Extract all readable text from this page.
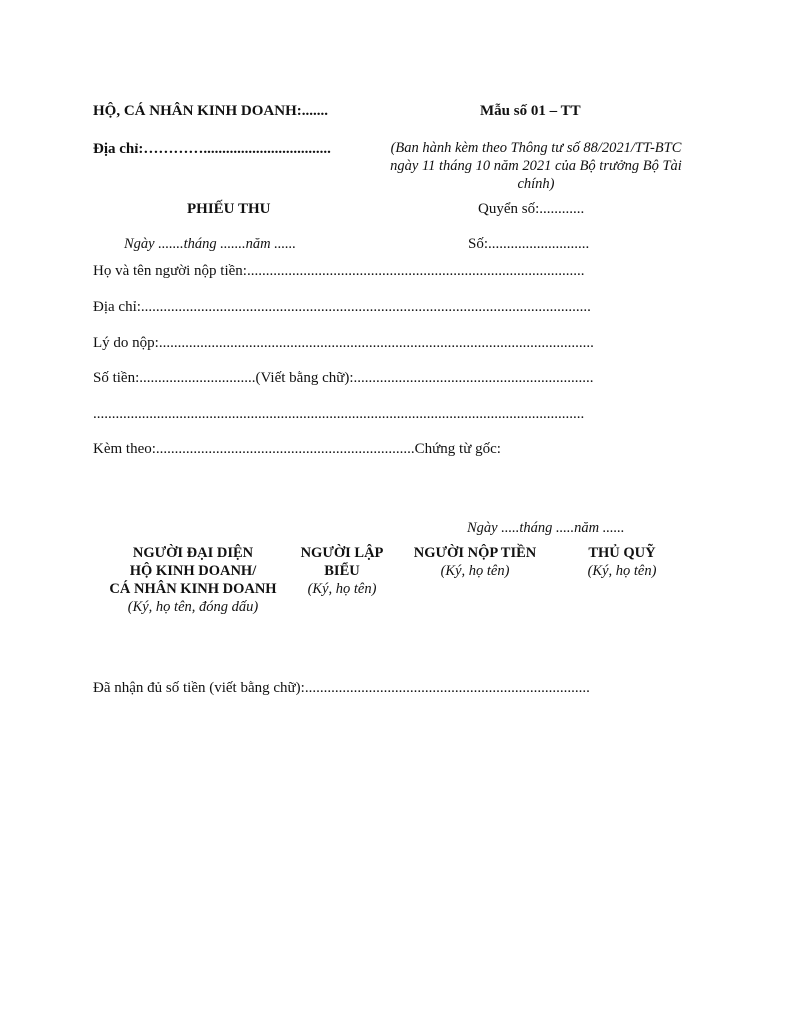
HỘ, CÁ NHÂN KINH DOANH:.......
Địa chỉ:…………..................................
Mẫu số 01 – TT
(Ban hành kèm theo Thông tư số 88/2021/TT-BTC
ngày 11 tháng 10 năm 2021 của Bộ trưởng Bộ Tài
chính)
PHIẾU THU	Quyển số:............
Ngày .......tháng .......năm ......	Số:...........................
Họ và tên người nộp tiền:..........................................................................................
Địa chỉ:........................................................................................................................
Lý do nộp:....................................................................................................................
Số tiền:...............................(Viết bằng chữ):................................................................
...................................................................................................................................
Kèm theo:.....................................................................Chứng từ gốc:
Ngày .....tháng .....năm ......
NGƯỜI ĐẠI DIỆN
HỘ KINH DOANH/
CÁ NHÂN KINH DOANH
(Ký, họ tên, đóng dấu)
NGƯỜI LẬP
BIỂU
(Ký, họ tên)
NGƯỜI NỘP TIỀN
(Ký, họ tên)
THỦ QUỸ
(Ký, họ tên)
Đã nhận đủ số tiền (viết bằng chữ):............................................................................
